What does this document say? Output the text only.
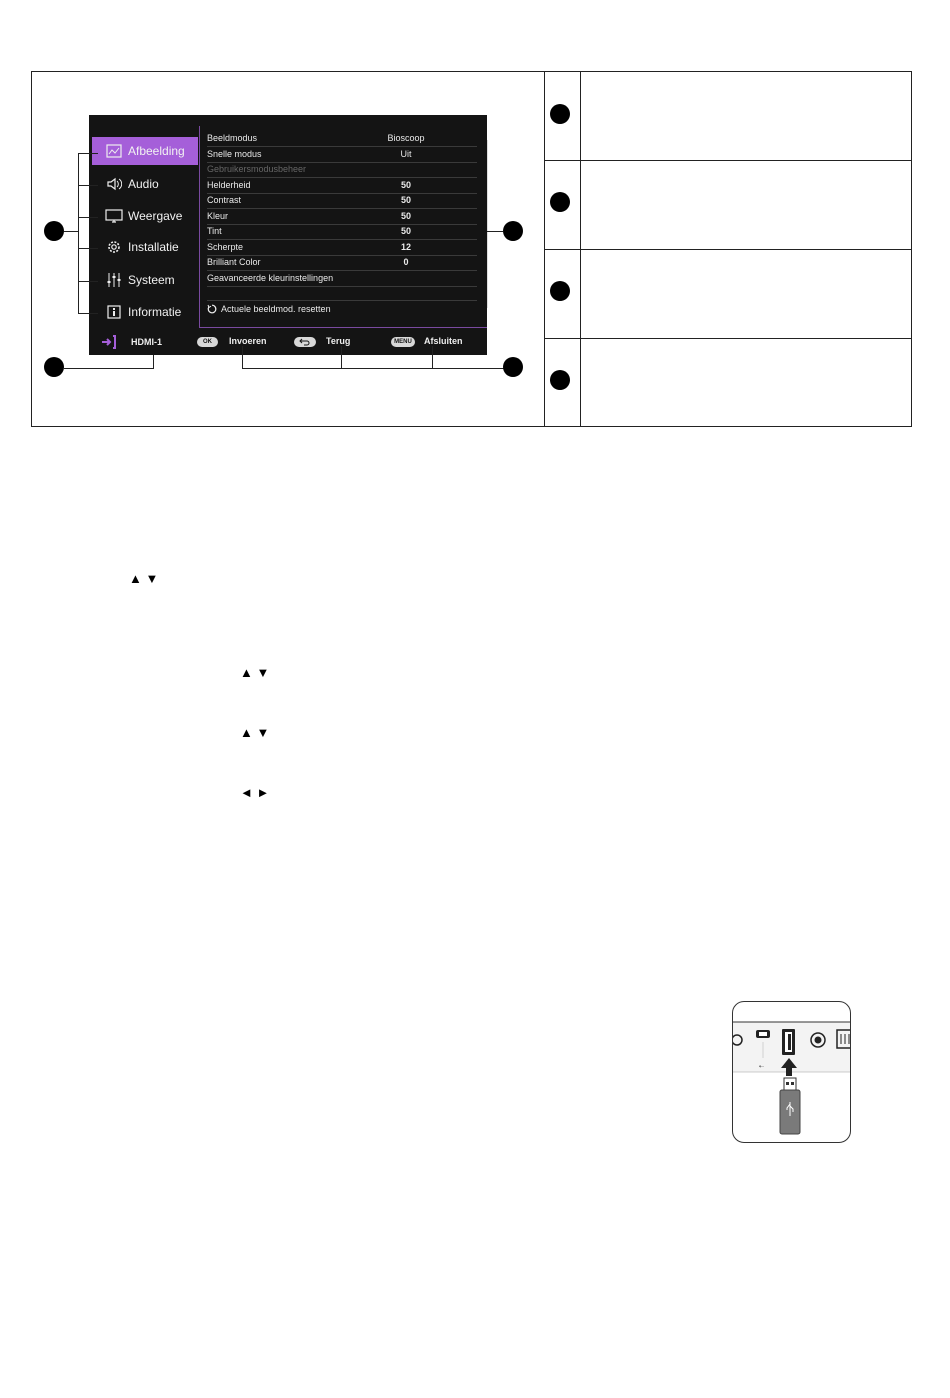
Afbeelding
Audio
Weergave
Installatie
Systeem
Informatie
Beeldmodus	Bioscoop
Snelle modus	Uit
Gebruikersmodusbeheer
Helderheid	50
Contrast	50
Kleur	50
Tint	50
Scherpte	12
Brilliant Color	0
Geavanceerde kleurinstellingen
Actuele beeldmod. resetten
HDMI-1	OK	Invoeren	Terug	MENU	Afsluiten
▲ ▼
▲ ▼
▲ ▼
◄ ►
⇠
